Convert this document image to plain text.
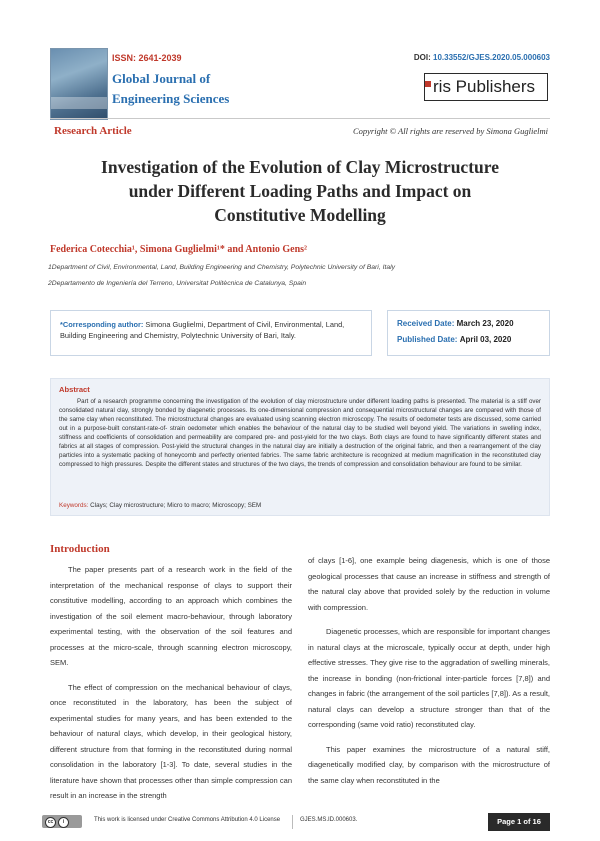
ISSN: 2641-2039
Global Journal of
Engineering Sciences
DOI: 10.33552/GJES.2020.05.000603
ris Publishers
Research Article	Copyright © All rights are reserved by Simona Guglielmi
Investigation of the Evolution of Clay Microstructure
under Different Loading Paths and Impact on
Constitutive Modelling
Federica Cotecchia¹, Simona Guglielmi¹* and Antonio Gens²
1Department of Civil, Environmental, Land, Building Engineering and Chemistry, Polytechnic University of Bari, Italy
2Departamento de Ingeniería del Terreno, Universitat Politècnica de Catalunya, Spain
*Corresponding author: Simona Guglielmi, Department of Civil, Environmental, Land, Building Engineering and Chemistry, Polytechnic University of Bari, Italy.
Received Date: March 23, 2020
Published Date: April 03, 2020
Abstract

Part of a research programme concerning the investigation of the evolution of clay microstructure under different loading paths is presented. The material is a stiff over consolidated natural clay, strongly bonded by diagenetic processes. Its one-dimensional compression and consequential microstructural changes are compared with those of the same clay when reconstituted. The microstructural changes are evaluated using scanning electron microscopy. The results of oedometer tests are discussed, some carried out in a purpose-built constant-rate-of- strain oedometer which enables the behaviour of the natural clay to be studied well beyond yield. The variations in swelling index, stiffness and coefficients of consolidation and permeability are compared pre- and post-yield for the two clays. Both clays are found to have significantly different states and fabrics at all stages of compression. Post-yield the structural changes in the natural clay are initially a destruction of the original fabric, and then a rearrangement of the clay particles into a systematic packing of honeycomb and perfectly oriented fabrics. The same fabric architecture is recognized at medium magnification in the reconstituted clay compressed to high pressures. Despite the different states and structures of the two clays, the trends of compression and consolidation behaviour are found to be similar.

Keywords: Clays; Clay microstructure; Micro to macro; Microscopy; SEM
Introduction

The paper presents part of a research work in the field of the interpretation of the mechanical response of clays to support their constitutive modelling, according to an approach which combines the investigation of the soil element macro-behaviour, through laboratory experimental testing, with the observation of the soil features and processes at the micro-scale, through scanning electron microscopy, SEM.

The effect of compression on the mechanical behaviour of clays, once reconstituted in the laboratory, has been the subject of experimental studies for many years, and has been extended to the behaviour of natural clays, which develop, in their geological history, different structure from that forming in the reconstituted during normal consolidation in the laboratory [1-3]. To date, several studies in the literature have shown that processes other than simple compression can result in an increase in the strength

of clays [1-6], one example being diagenesis, which is one of those geological processes that cause an increase in stiffness and strength of the natural clay above that provided solely by the reduction in volume with compression.

Diagenetic processes, which are responsible for important changes in natural clays at the microscale, typically occur at depth, under high effective stresses. They give rise to the aggradation of swelling minerals, the increase in bonding (non-frictional inter-particle forces [7,8]) and changes in fabric (the arrangement of the soil particles [7,8]). As a result, natural clays can develop a structure stronger than that of the corresponding (same void ratio) reconstituted clay.

This paper examines the microstructure of a natural stiff, diagenetically modified clay, by comparison with the microstructure of the same clay when reconstituted in the

cc	i	This work is licensed under Creative Commons Attribution 4.0 License	GJES.MS.ID.000603.	Page 1 of 16
